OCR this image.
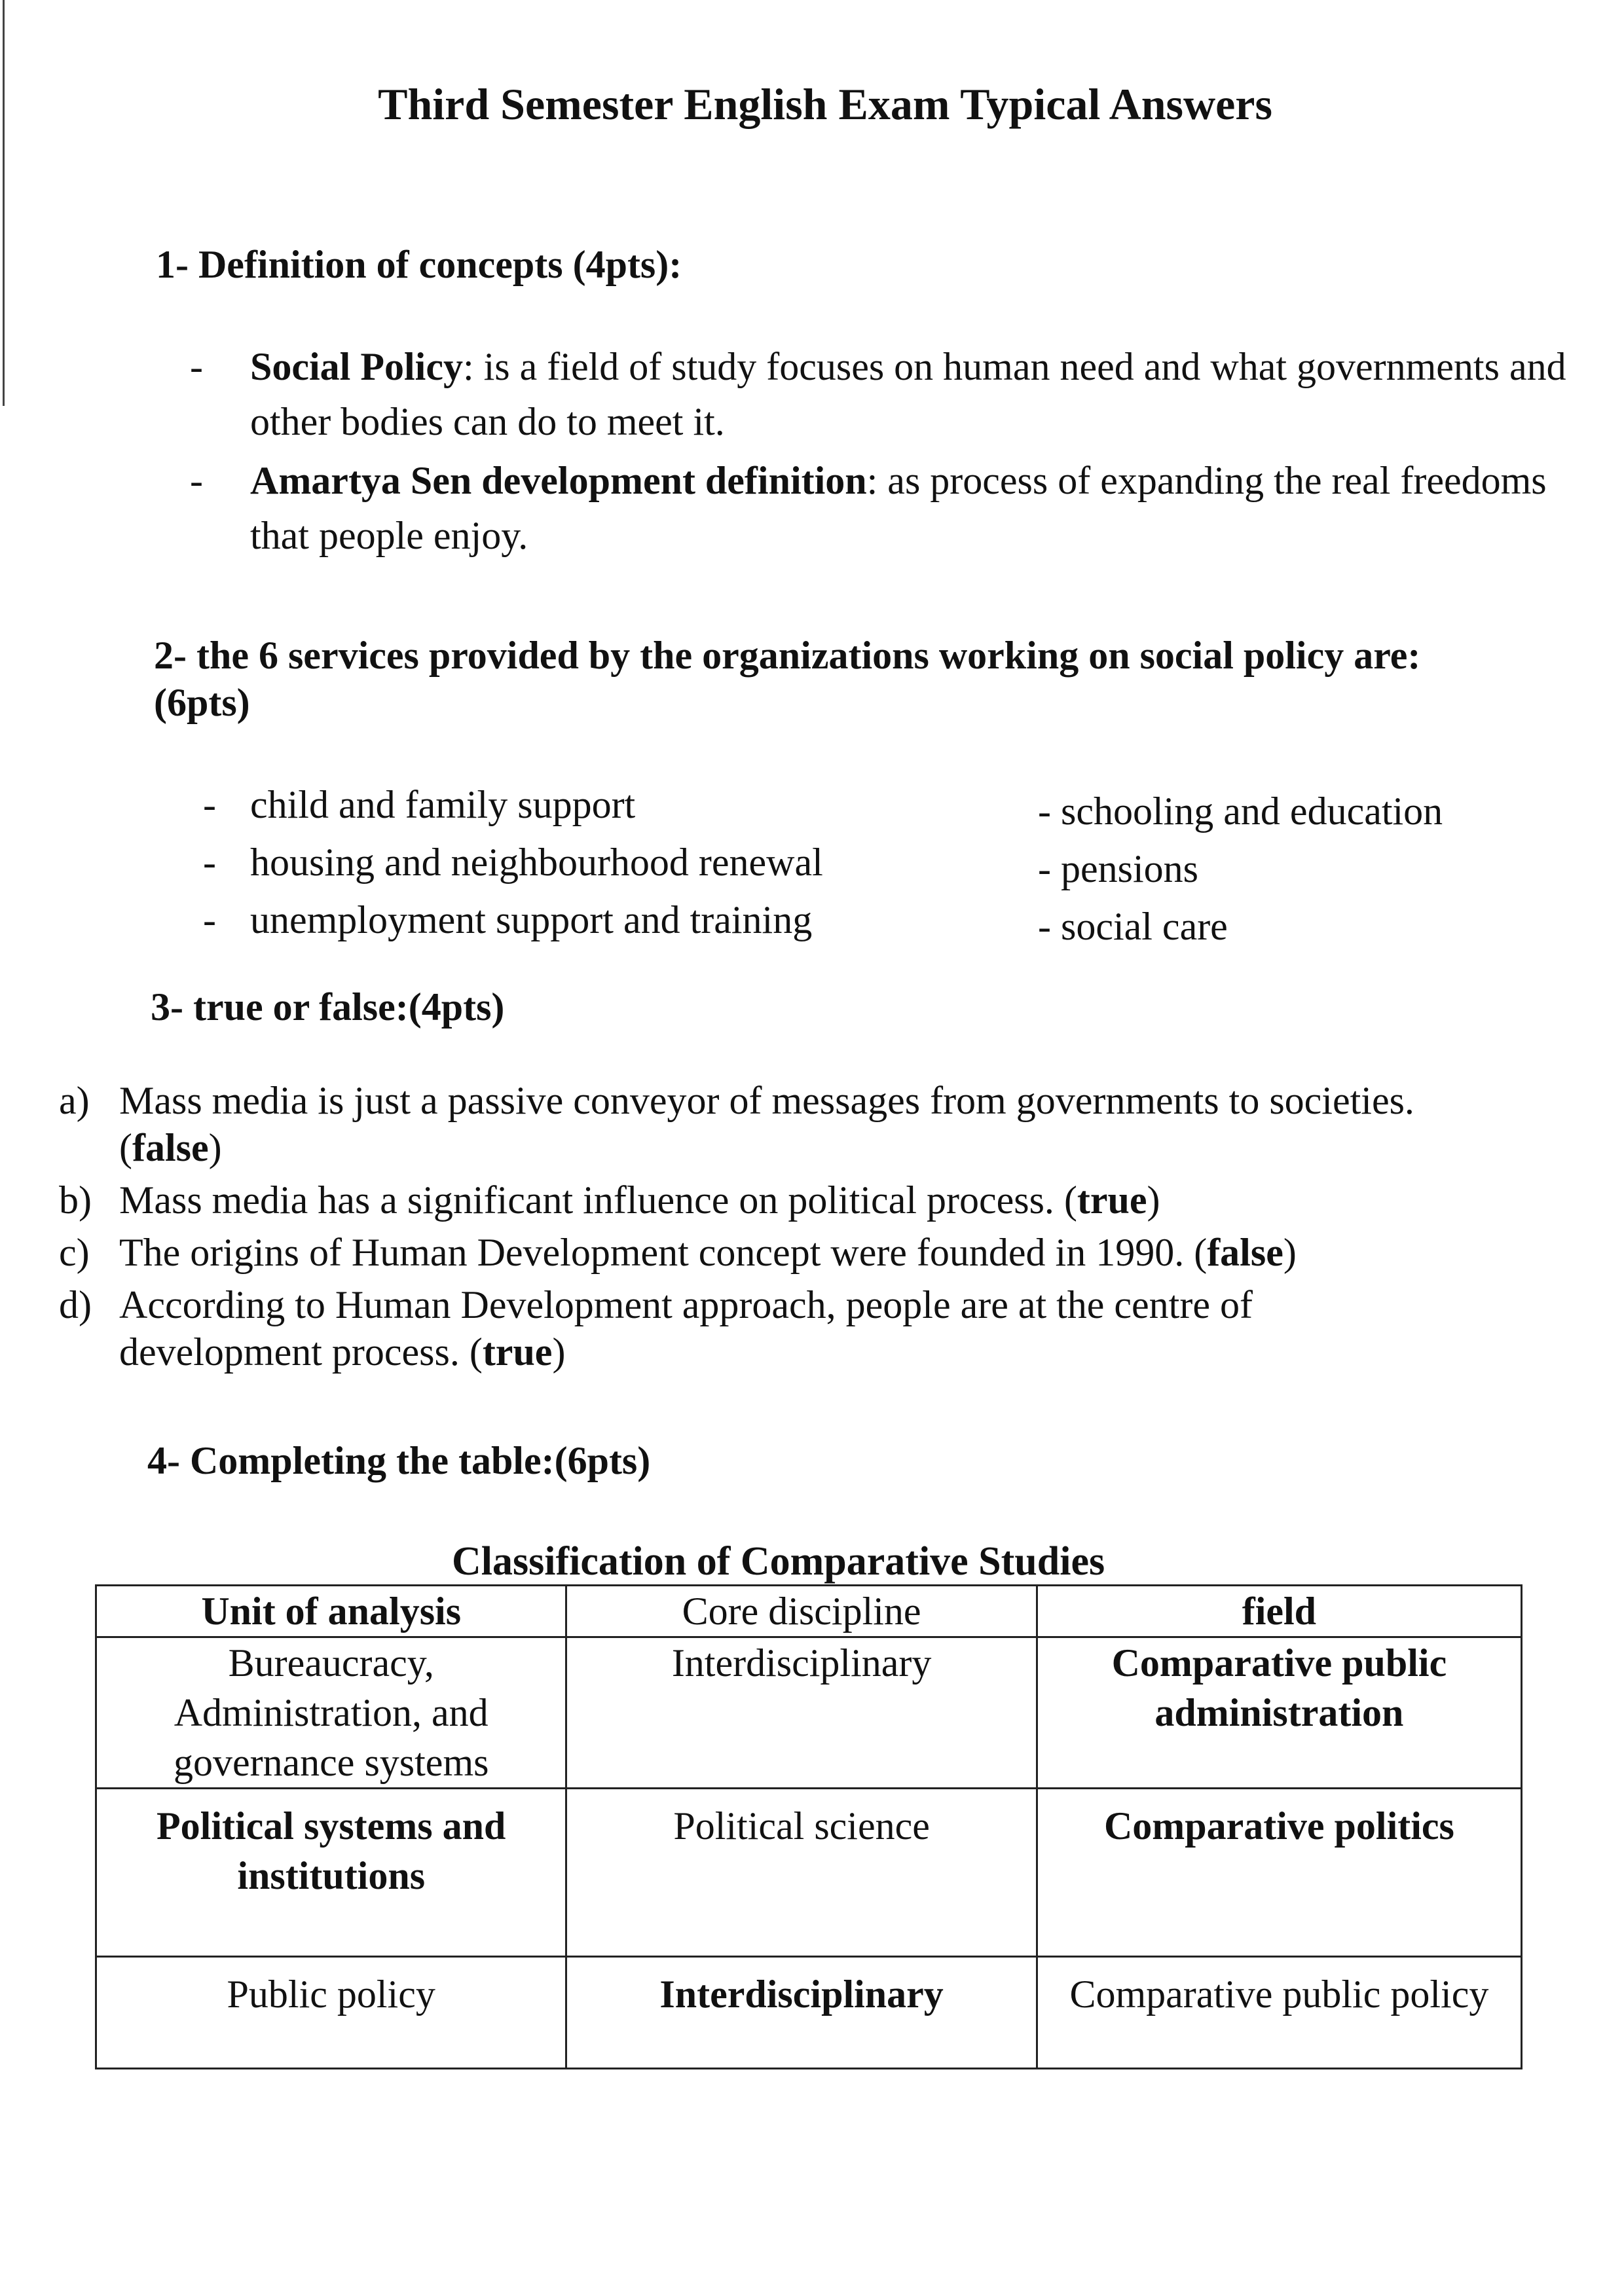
Third Semester English Exam Typical Answers
1- Definition of concepts (4pts):
- Social Policy: is a field of study focuses on human need and what governments and other bodies can do to meet it.
- Amartya Sen development definition: as process of expanding the real freedoms that people enjoy.
2- the 6 services provided by the organizations working on social policy are: (6pts)
- child and family support
- housing and neighbourhood renewal
- unemployment support and training
- schooling and education
- pensions
- social care
3- true or false:(4pts)
a) Mass media is just a passive conveyor of messages from governments to societies. (false)
b) Mass media has a significant influence on political process. (true)
c) The origins of Human Development concept were founded in 1990. (false)
d) According to Human Development approach, people are at the centre of development process. (true)
4- Completing the table:(6pts)
Classification of Comparative Studies
Unit of analysis	Core discipline	field
Bureaucracy, Administration, and governance systems	Interdisciplinary	Comparative public administration
Political systems and institutions	Political science	Comparative politics
Public policy	Interdisciplinary	Comparative public policy
